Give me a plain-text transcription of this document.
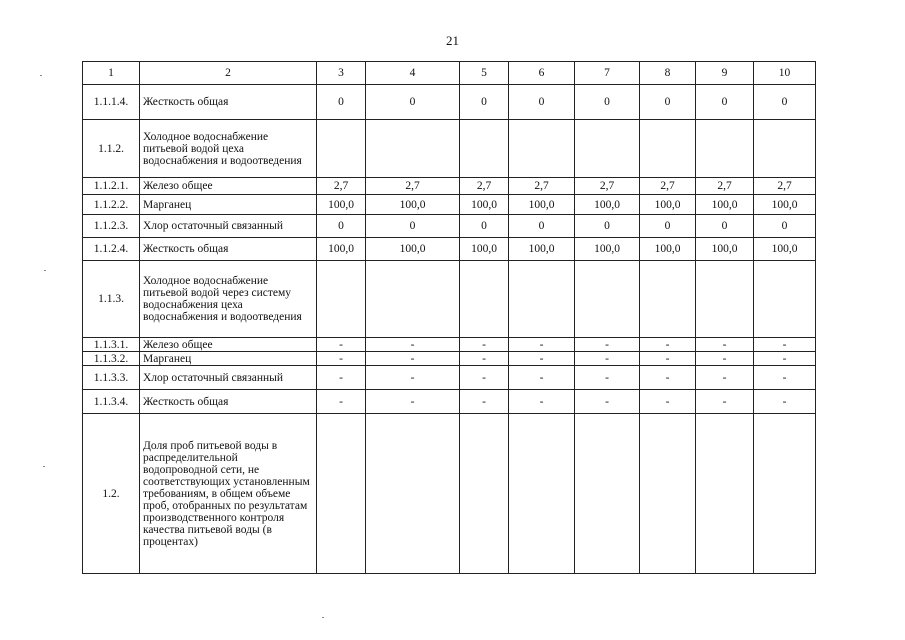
21
1	2	3	4	5	6	7	8	9	10
1.1.1.4.	Жесткость общая	0	0	0	0	0	0	0	0
1.1.2.	Холодное водоснабжение питьевой водой цеха водоснабжения и водоотведения								
1.1.2.1.	Железо общее	2,7	2,7	2,7	2,7	2,7	2,7	2,7	2,7
1.1.2.2.	Марганец	100,0	100,0	100,0	100,0	100,0	100,0	100,0	100,0
1.1.2.3.	Хлор остаточный связанный	0	0	0	0	0	0	0	0
1.1.2.4.	Жесткость общая	100,0	100,0	100,0	100,0	100,0	100,0	100,0	100,0
1.1.3.	Холодное водоснабжение питьевой водой через систему водоснабжения цеха водоснабжения и водоотведения								
1.1.3.1.	Железо общее	-	-	-	-	-	-	-	-
1.1.3.2.	Марганец	-	-	-	-	-	-	-	-
1.1.3.3.	Хлор остаточный связанный	-	-	-	-	-	-	-	-
1.1.3.4.	Жесткость общая	-	-	-	-	-	-	-	-
1.2.	Доля проб питьевой воды в распределительной водопроводной сети, не соответствующих установленным требованиям, в общем объеме проб, отобранных по результатам производственного контроля качества питьевой воды (в процентах)								
